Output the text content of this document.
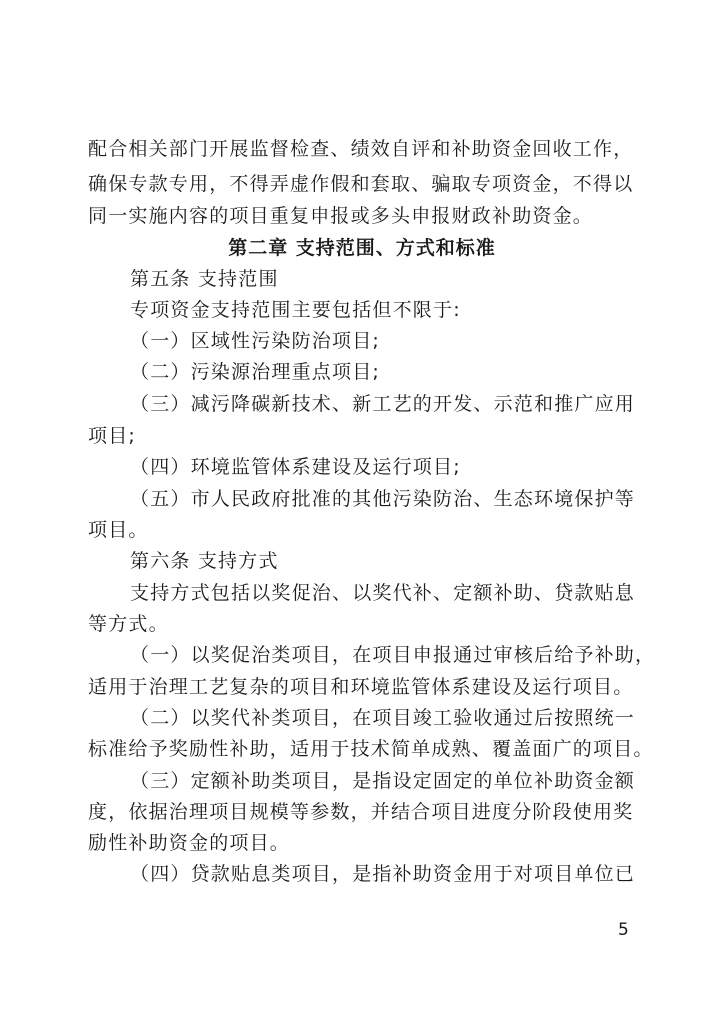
配合相关部门开展监督检查、绩效自评和补助资金回收工作，
确保专款专用，不得弄虚作假和套取、骗取专项资金，不得以
同一实施内容的项目重复申报或多头申报财政补助资金。
第二章 支持范围、方式和标准
第五条 支持范围
专项资金支持范围主要包括但不限于:
（一）区域性污染防治项目;
（二）污染源治理重点项目;
（三）减污降碳新技术、新工艺的开发、示范和推广应用
项目;
（四）环境监管体系建设及运行项目;
（五）市人民政府批准的其他污染防治、生态环境保护等
项目。
第六条 支持方式
支持方式包括以奖促治、以奖代补、定额补助、贷款贴息
等方式。
（一）以奖促治类项目，在项目申报通过审核后给予补助，
适用于治理工艺复杂的项目和环境监管体系建设及运行项目。
（二）以奖代补类项目，在项目竣工验收通过后按照统一
标准给予奖励性补助，适用于技术简单成熟、覆盖面广的项目。
（三）定额补助类项目，是指设定固定的单位补助资金额
度，依据治理项目规模等参数，并结合项目进度分阶段使用奖
励性补助资金的项目。
（四）贷款贴息类项目，是指补助资金用于对项目单位已
5
